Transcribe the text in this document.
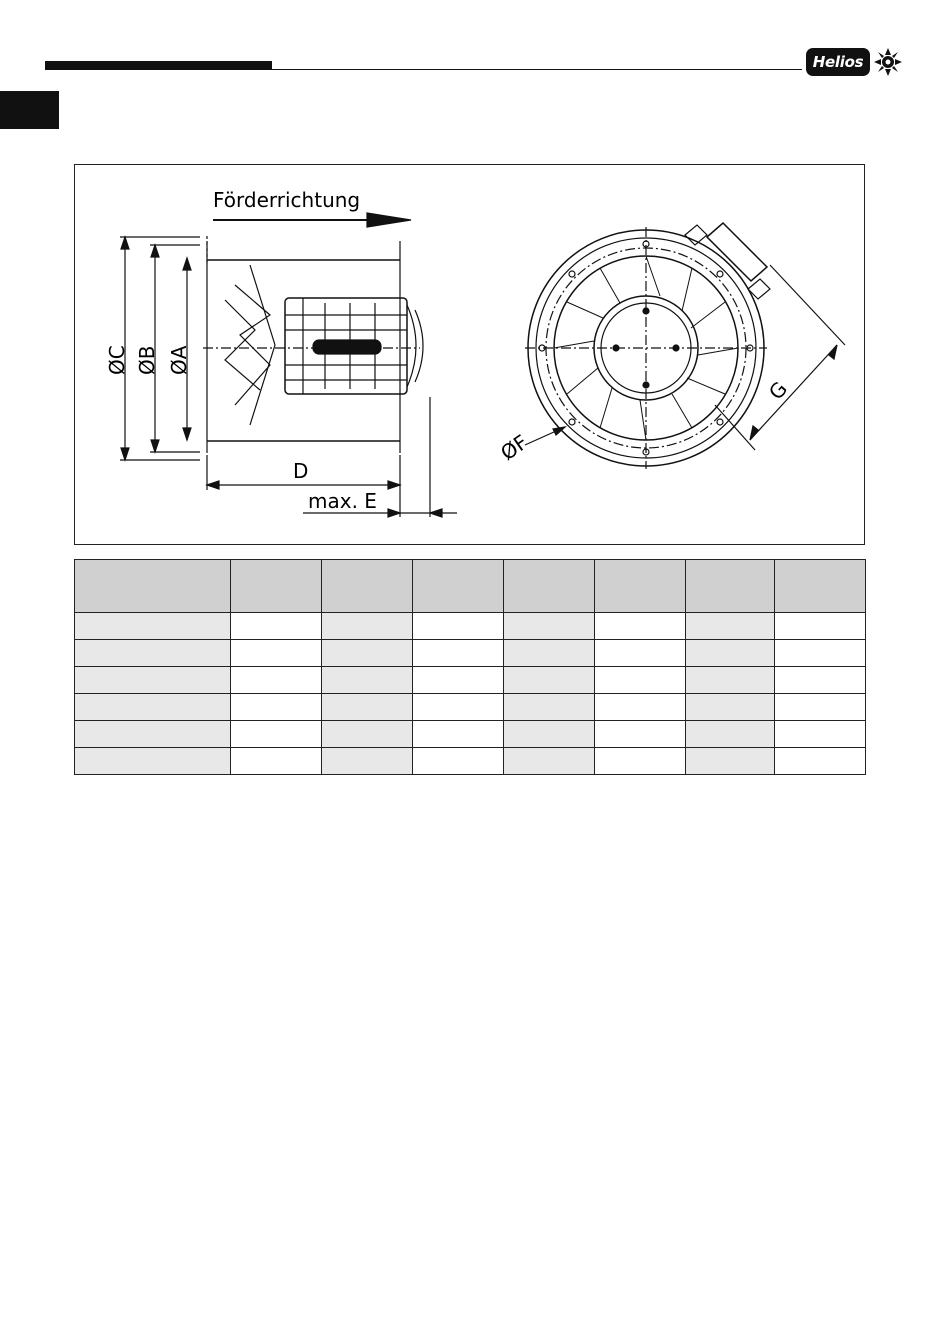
Helios
Förderrichtung
ØC ØB ØA
D
max. E
ØF
G
